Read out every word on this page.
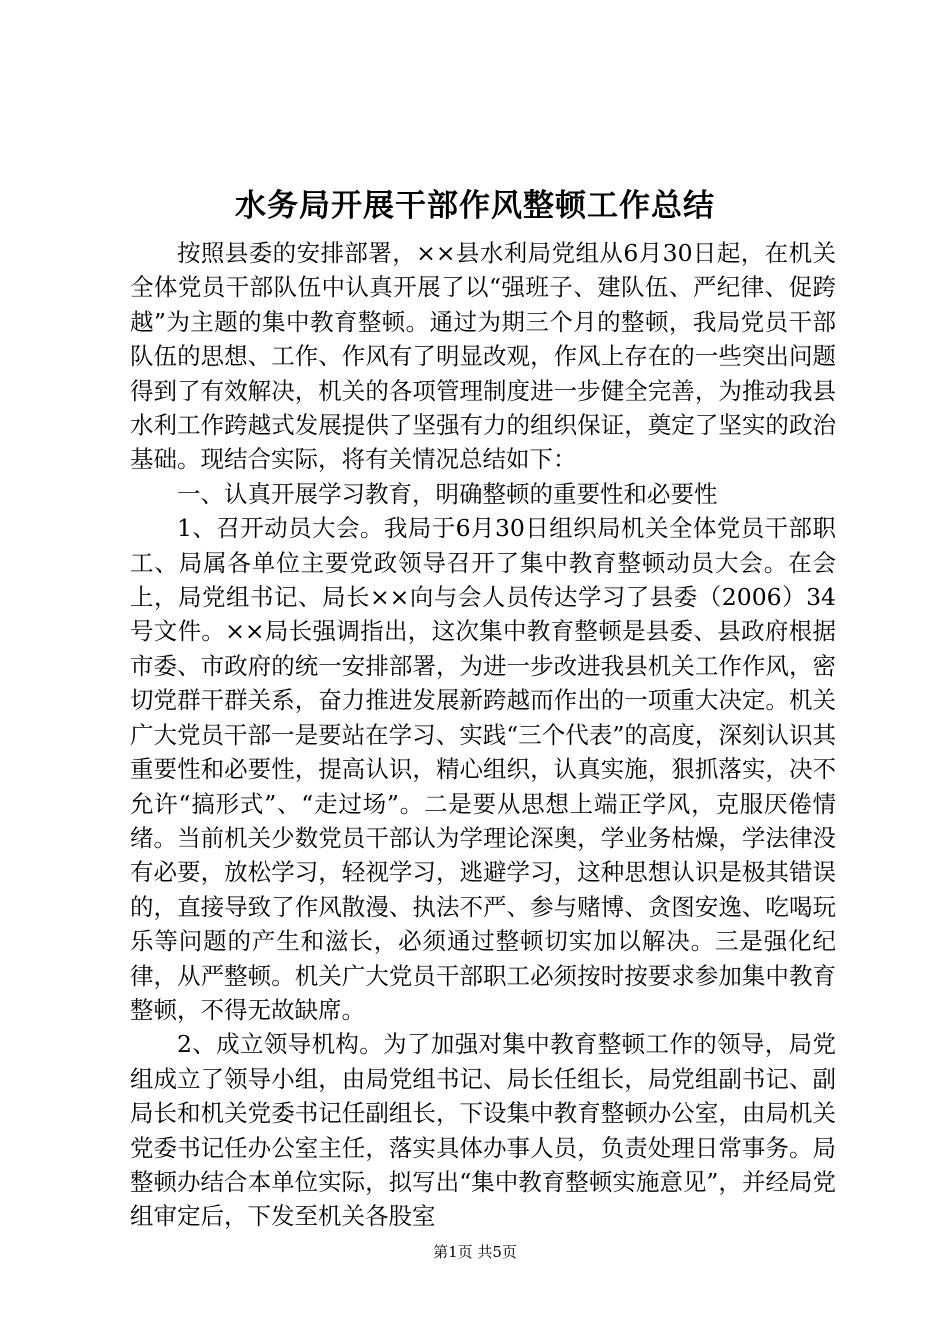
水务局开展干部作风整顿工作总结

按照县委的安排部署，××县水利局党组从6月30日起，在机关全体党员干部队伍中认真开展了以“强班子、建队伍、严纪律、促跨越”为主题的集中教育整顿。通过为期三个月的整顿，我局党员干部队伍的思想、工作、作风有了明显改观，作风上存在的一些突出问题得到了有效解决，机关的各项管理制度进一步健全完善，为推动我县水利工作跨越式发展提供了坚强有力的组织保证，奠定了坚实的政治基础。现结合实际，将有关情况总结如下：

一、认真开展学习教育，明确整顿的重要性和必要性

1、召开动员大会。我局于6月30日组织局机关全体党员干部职工、局属各单位主要党政领导召开了集中教育整顿动员大会。在会上，局党组书记、局长××向与会人员传达学习了县委（2006）34号文件。××局长强调指出，这次集中教育整顿是县委、县政府根据市委、市政府的统一安排部署，为进一步改进我县机关工作作风，密切党群干群关系，奋力推进发展新跨越而作出的一项重大决定。机关广大党员干部一是要站在学习、实践“三个代表”的高度，深刻认识其重要性和必要性，提高认识，精心组织，认真实施，狠抓落实，决不允许“搞形式”、“走过场”。二是要从思想上端正学风，克服厌倦情绪。当前机关少数党员干部认为学理论深奥，学业务枯燥，学法律没有必要，放松学习，轻视学习，逃避学习，这种思想认识是极其错误的，直接导致了作风散漫、执法不严、参与赌博、贪图安逸、吃喝玩乐等问题的产生和滋长，必须通过整顿切实加以解决。三是强化纪律，从严整顿。机关广大党员干部职工必须按时按要求参加集中教育整顿，不得无故缺席。

2、成立领导机构。为了加强对集中教育整顿工作的领导，局党组成立了领导小组，由局党组书记、局长任组长，局党组副书记、副局长和机关党委书记任副组长，下设集中教育整顿办公室，由局机关党委书记任办公室主任，落实具体办事人员，负责处理日常事务。局整顿办结合本单位实际，拟写出“集中教育整顿实施意见”，并经局党组审定后，下发至机关各股室

第1页 共5页
